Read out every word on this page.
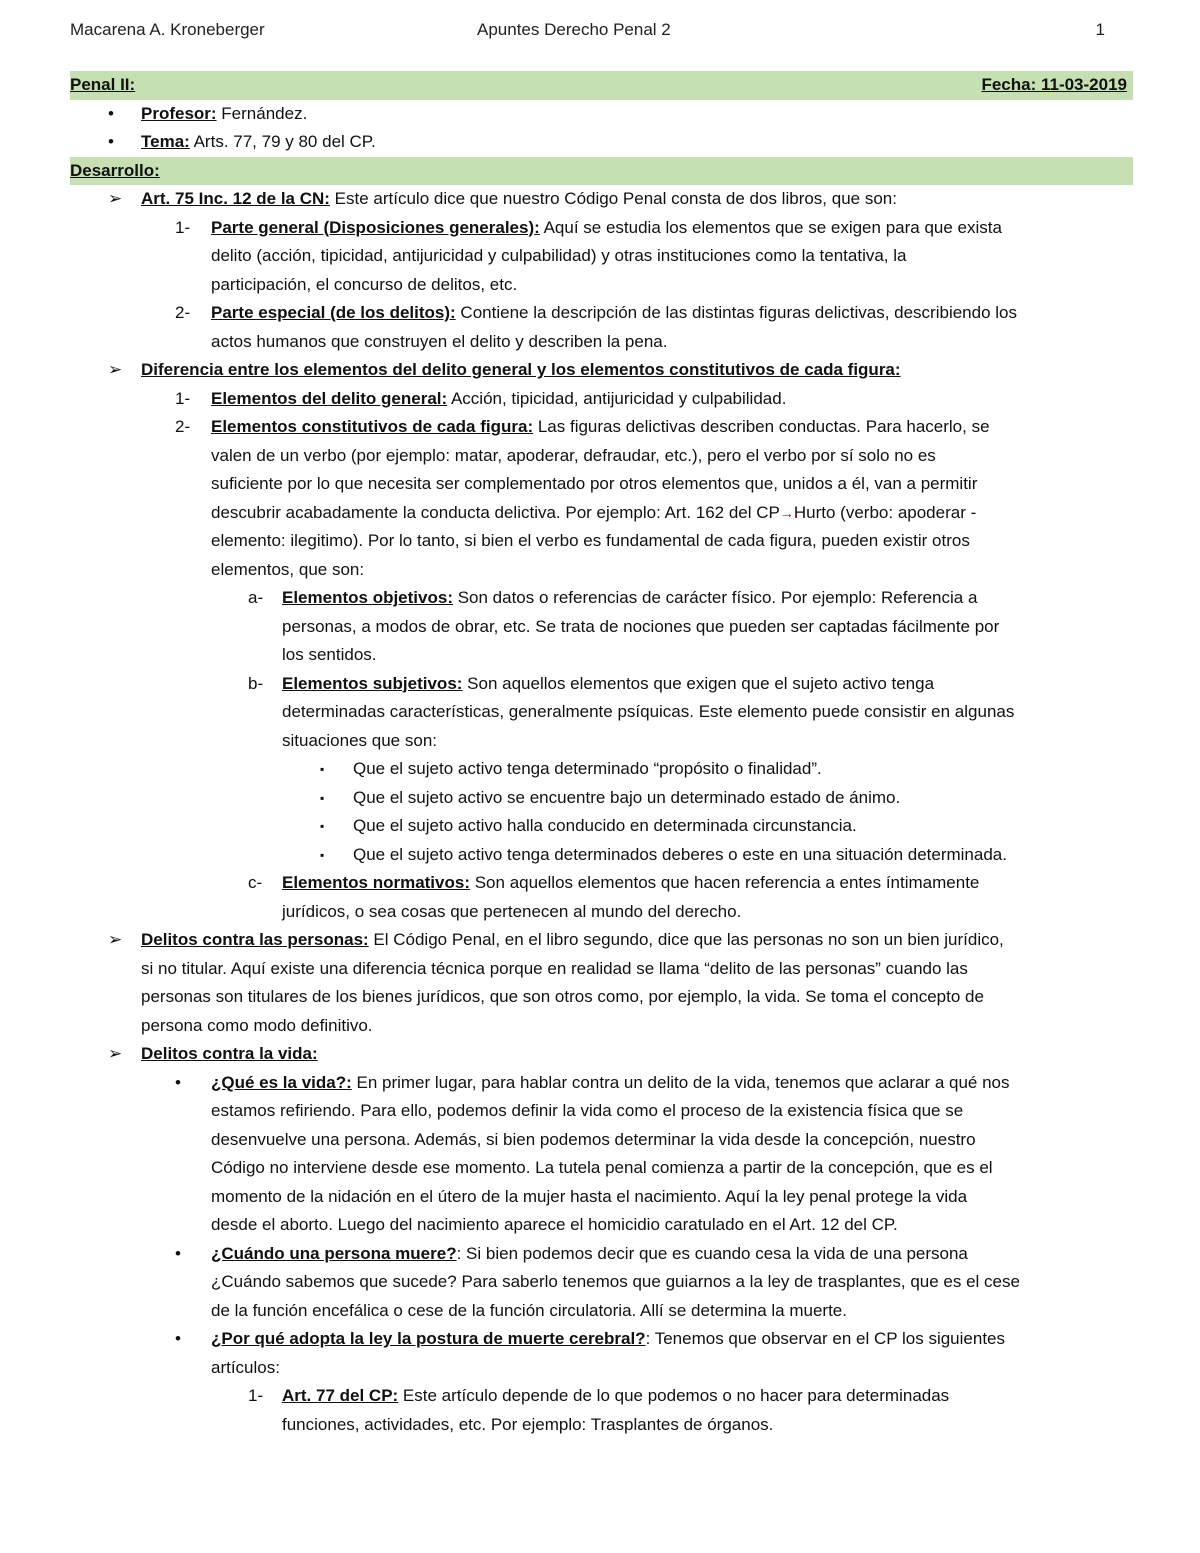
Macarena A. Kroneberger	Apuntes Derecho Penal 2	1
Penal II:	Fecha: 11-03-2019
• Profesor: Fernández.
• Tema: Arts. 77, 79 y 80 del CP.
Desarrollo:
➢ Art. 75 Inc. 12 de la CN: Este artículo dice que nuestro Código Penal consta de dos libros, que son:
1- Parte general (Disposiciones generales): Aquí se estudia los elementos que se exigen para que exista
delito (acción, tipicidad, antijuricidad y culpabilidad) y otras instituciones como la tentativa, la
participación, el concurso de delitos, etc.
2- Parte especial (de los delitos): Contiene la descripción de las distintas figuras delictivas, describiendo los
actos humanos que construyen el delito y describen la pena.
➢ Diferencia entre los elementos del delito general y los elementos constitutivos de cada figura:
1- Elementos del delito general: Acción, tipicidad, antijuricidad y culpabilidad.
2- Elementos constitutivos de cada figura: Las figuras delictivas describen conductas. Para hacerlo, se
valen de un verbo (por ejemplo: matar, apoderar, defraudar, etc.), pero el verbo por sí solo no es
suficiente por lo que necesita ser complementado por otros elementos que, unidos a él, van a permitir
descubrir acabadamente la conducta delictiva. Por ejemplo: Art. 162 del CP→Hurto (verbo: apoderar -
elemento: ilegitimo). Por lo tanto, si bien el verbo es fundamental de cada figura, pueden existir otros
elementos, que son:
a- Elementos objetivos: Son datos o referencias de carácter físico. Por ejemplo: Referencia a
personas, a modos de obrar, etc. Se trata de nociones que pueden ser captadas fácilmente por
los sentidos.
b- Elementos subjetivos: Son aquellos elementos que exigen que el sujeto activo tenga
determinadas características, generalmente psíquicas. Este elemento puede consistir en algunas
situaciones que son:
▪ Que el sujeto activo tenga determinado “propósito o finalidad”.
▪ Que el sujeto activo se encuentre bajo un determinado estado de ánimo.
▪ Que el sujeto activo halla conducido en determinada circunstancia.
▪ Que el sujeto activo tenga determinados deberes o este en una situación determinada.
c- Elementos normativos: Son aquellos elementos que hacen referencia a entes íntimamente
jurídicos, o sea cosas que pertenecen al mundo del derecho.
➢ Delitos contra las personas: El Código Penal, en el libro segundo, dice que las personas no son un bien jurídico,
si no titular. Aquí existe una diferencia técnica porque en realidad se llama “delito de las personas” cuando las
personas son titulares de los bienes jurídicos, que son otros como, por ejemplo, la vida. Se toma el concepto de
persona como modo definitivo.
➢ Delitos contra la vida:
• ¿Qué es la vida?: En primer lugar, para hablar contra un delito de la vida, tenemos que aclarar a qué nos
estamos refiriendo. Para ello, podemos definir la vida como el proceso de la existencia física que se
desenvuelve una persona. Además, si bien podemos determinar la vida desde la concepción, nuestro
Código no interviene desde ese momento. La tutela penal comienza a partir de la concepción, que es el
momento de la nidación en el útero de la mujer hasta el nacimiento. Aquí la ley penal protege la vida
desde el aborto. Luego del nacimiento aparece el homicidio caratulado en el Art. 12 del CP.
• ¿Cuándo una persona muere?: Si bien podemos decir que es cuando cesa la vida de una persona
¿Cuándo sabemos que sucede? Para saberlo tenemos que guiarnos a la ley de trasplantes, que es el cese
de la función encefálica o cese de la función circulatoria. Allí se determina la muerte.
• ¿Por qué adopta la ley la postura de muerte cerebral?: Tenemos que observar en el CP los siguientes
artículos:
1- Art. 77 del CP: Este artículo depende de lo que podemos o no hacer para determinadas
funciones, actividades, etc. Por ejemplo: Trasplantes de órganos.
